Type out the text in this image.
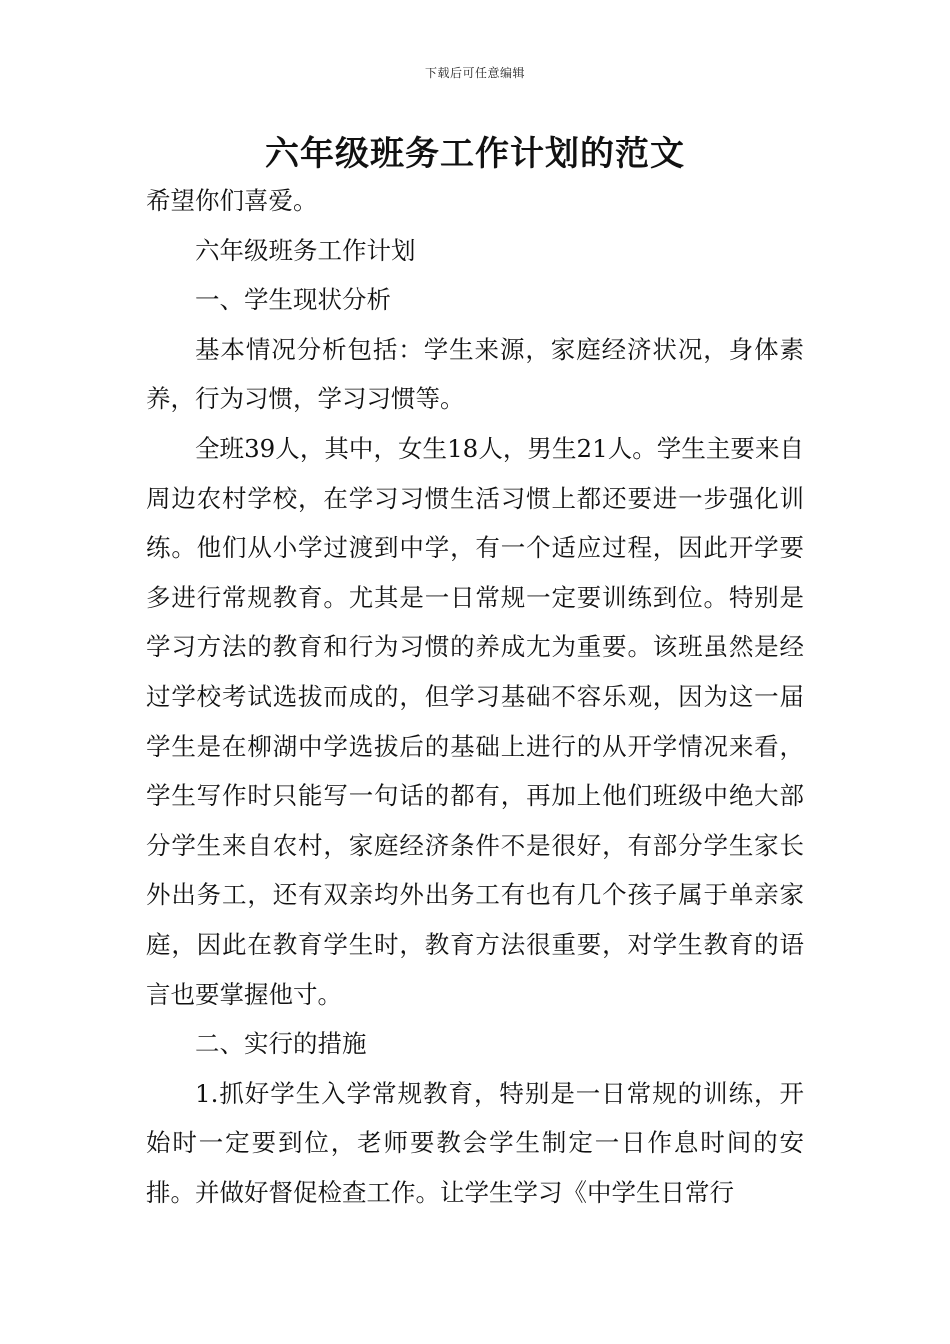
下载后可任意编辑
六年级班务工作计划的范文

希望你们喜爱。

六年级班务工作计划

一、学生现状分析

基本情况分析包括：学生来源，家庭经济状况，身体素养，行为习惯，学习习惯等。

全班39人，其中，女生18人，男生21人。学生主要来自周边农村学校，在学习习惯生活习惯上都还要进一步强化训练。他们从小学过渡到中学，有一个适应过程，因此开学要多进行常规教育。尤其是一日常规一定要训练到位。特别是学习方法的教育和行为习惯的养成尢为重要。该班虽然是经过学校考试选拔而成的，但学习基础不容乐观，因为这一届学生是在柳湖中学选拔后的基础上进行的从开学情况来看，学生写作时只能写一句话的都有，再加上他们班级中绝大部分学生来自农村，家庭经济条件不是很好，有部分学生家长外出务工，还有双亲均外出务工有也有几个孩子属于单亲家庭，因此在教育学生时，教育方法很重要，对学生教育的语言也要掌握他寸。

二、实行的措施

1.抓好学生入学常规教育，特别是一日常规的训练，开始时一定要到位，老师要教会学生制定一日作息时间的安排。并做好督促检查工作。让学生学习《中学生日常行
